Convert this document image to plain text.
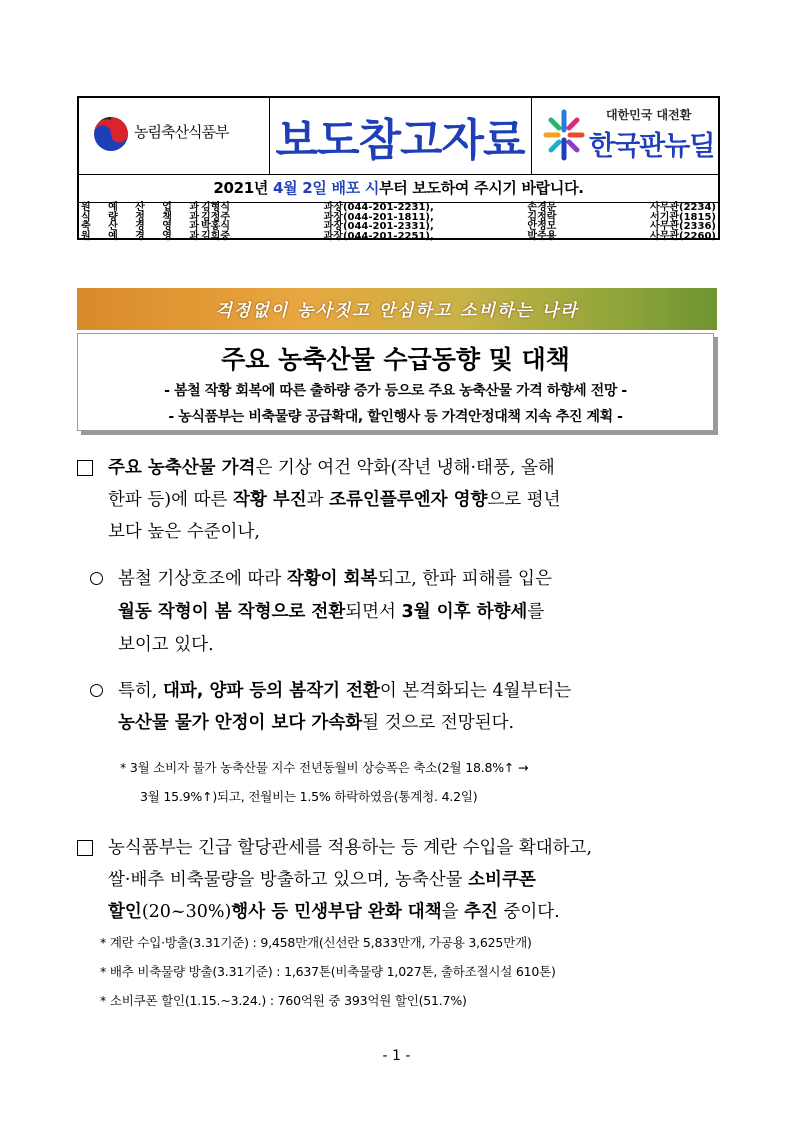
농림축산식품부 보도참고자료	대한민국 대전환
한국판뉴딜
2021년 4월 2일 배포 시부터 보도하여 주시기 바랍니다.
원 예 산 업 과 김형식	과장(044-201-2231),	손경문	사무관(2234)
식 량 정 책 과 김정주	과장(044-201-1811),	김정락	서기관(1815)
축 산 경 영 과 박홍식	과장(044-201-2331),	안정모	사무관(2336)
원 예 경 영 과 김희중	과장(044-201-2251),	박주용	사무관(2260)
걱정없이 농사짓고 안심하고 소비하는 나라
주요 농축산물 수급동향 및 대책
- 봄철 작황 회복에 따른 출하량 증가 등으로 주요 농축산물 가격 하향세 전망 -
- 농식품부는 비축물량 공급확대, 할인행사 등 가격안정대책 지속 추진 계획 -
주요 농축산물 가격은 기상 여건 악화(작년 냉해·태풍, 올해
한파 등)에 따른 작황 부진과 조류인플루엔자 영향으로 평년
보다 높은 수준이나,
봄철 기상호조에 따라 작황이 회복되고, 한파 피해를 입은
월동 작형이 봄 작형으로 전환되면서 3월 이후 하향세를
보이고 있다.
특히, 대파, 양파 등의 봄작기 전환이 본격화되는 4월부터는
농산물 물가 안정이 보다 가속화될 것으로 전망된다.
* 3월 소비자 물가 농축산물 지수 전년동월비 상승폭은 축소(2월 18.8%↑ →
3월 15.9%↑)되고, 전월비는 1.5% 하락하였음(통계청. 4.2일)
농식품부는 긴급 할당관세를 적용하는 등 계란 수입을 확대하고,
쌀·배추 비축물량을 방출하고 있으며, 농축산물 소비쿠폰
할인(20~30%)행사 등 민생부담 완화 대책을 추진 중이다.
* 계란 수입·방출(3.31기준) : 9,458만개(신선란 5,833만개, 가공용 3,625만개)
* 배추 비축물량 방출(3.31기준) : 1,637톤(비축물량 1,027톤, 출하조절시설 610톤)
* 소비쿠폰 할인(1.15.~3.24.) : 760억원 중 393억원 할인(51.7%)
- 1 -
